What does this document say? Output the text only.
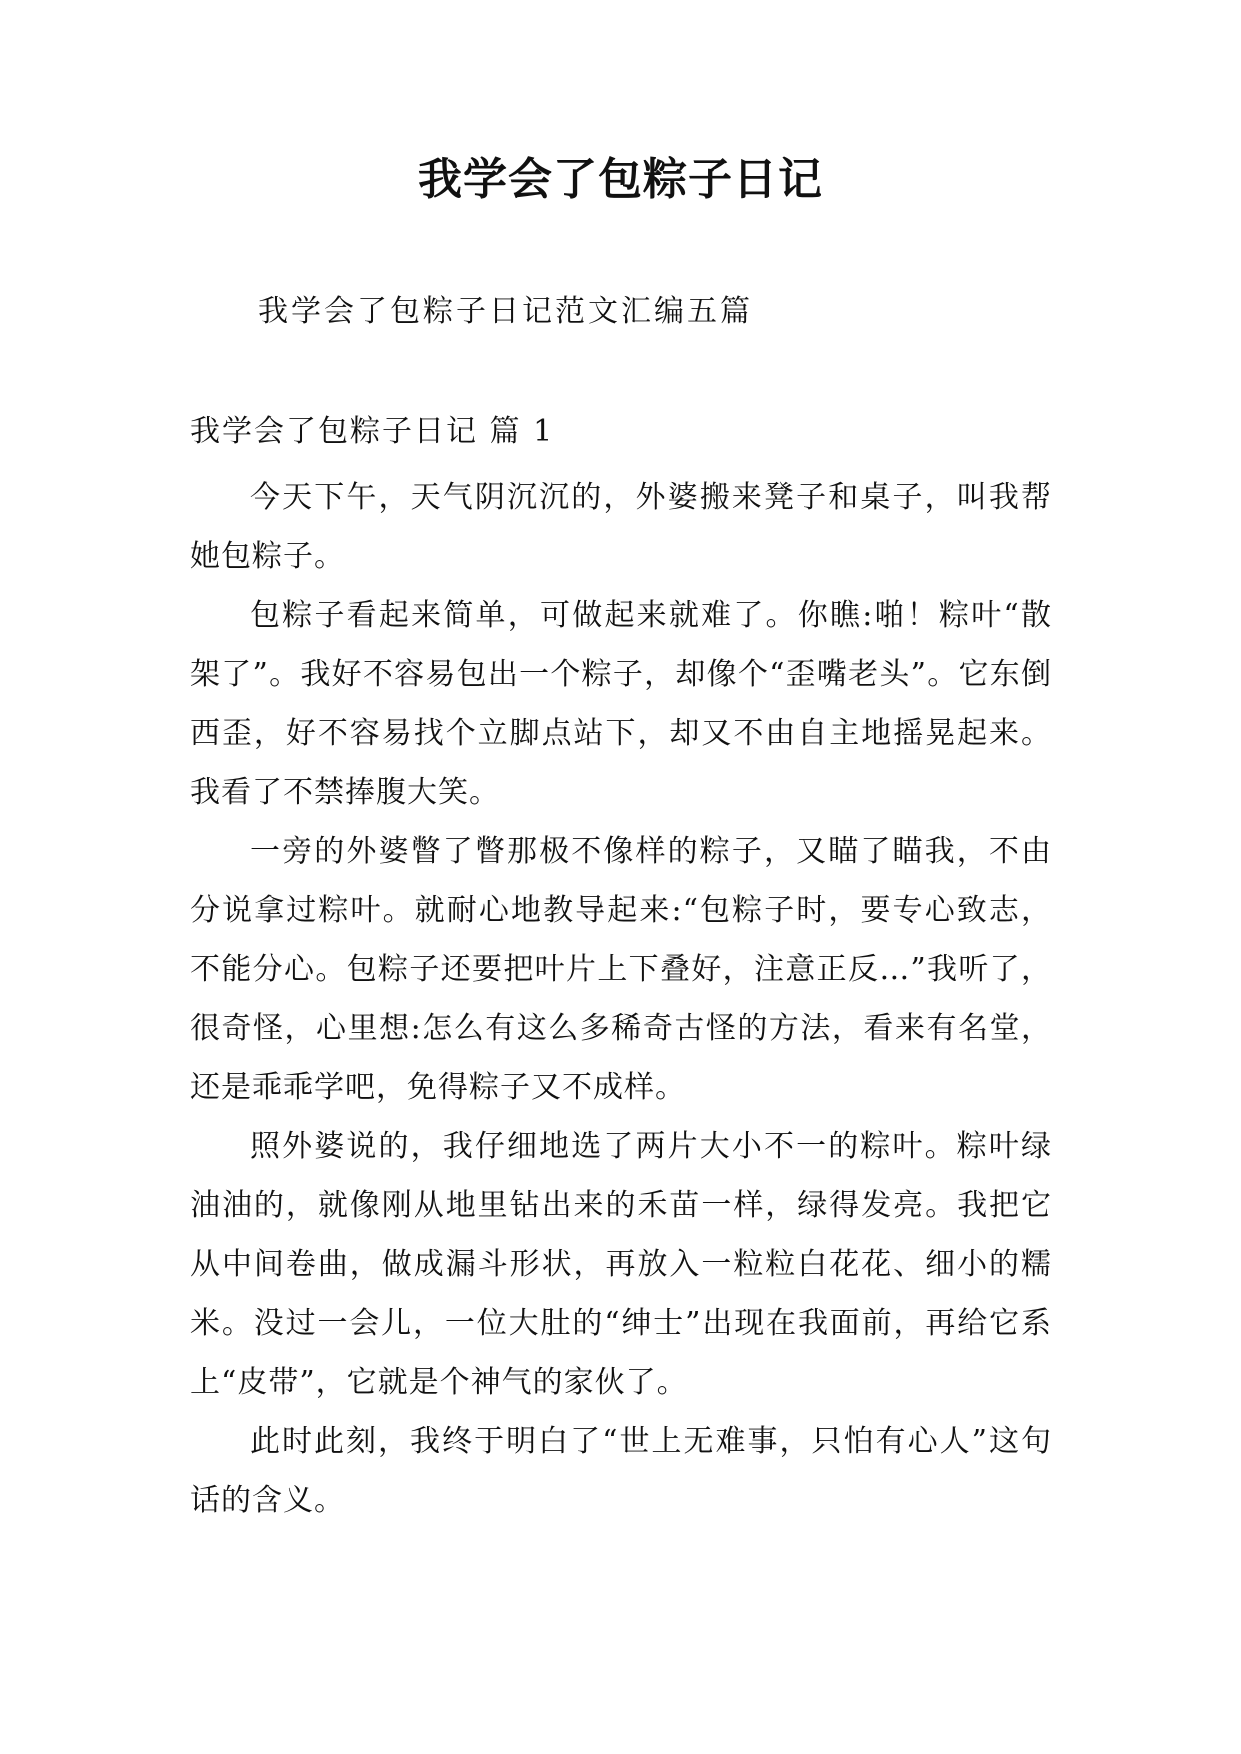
我学会了包粽子日记
我学会了包粽子日记范文汇编五篇
我学会了包粽子日记 篇 1

今天下午，天气阴沉沉的，外婆搬来凳子和桌子，叫我帮她包粽子。

包粽子看起来简单，可做起来就难了。你瞧:啪！粽叶“散架了”。我好不容易包出一个粽子，却像个“歪嘴老头”。它东倒西歪，好不容易找个立脚点站下，却又不由自主地摇晃起来。我看了不禁捧腹大笑。

一旁的外婆瞥了瞥那极不像样的粽子，又瞄了瞄我，不由分说拿过粽叶。就耐心地教导起来:“包粽子时，要专心致志，不能分心。包粽子还要把叶片上下叠好，注意正反…”我听了，很奇怪，心里想:怎么有这么多稀奇古怪的方法，看来有名堂，还是乖乖学吧，免得粽子又不成样。

照外婆说的，我仔细地选了两片大小不一的粽叶。粽叶绿油油的，就像刚从地里钻出来的禾苗一样，绿得发亮。我把它从中间卷曲，做成漏斗形状，再放入一粒粒白花花、细小的糯米。没过一会儿，一位大肚的“绅士”出现在我面前，再给它系上“皮带”，它就是个神气的家伙了。

此时此刻，我终于明白了“世上无难事，只怕有心人”这句话的含义。
